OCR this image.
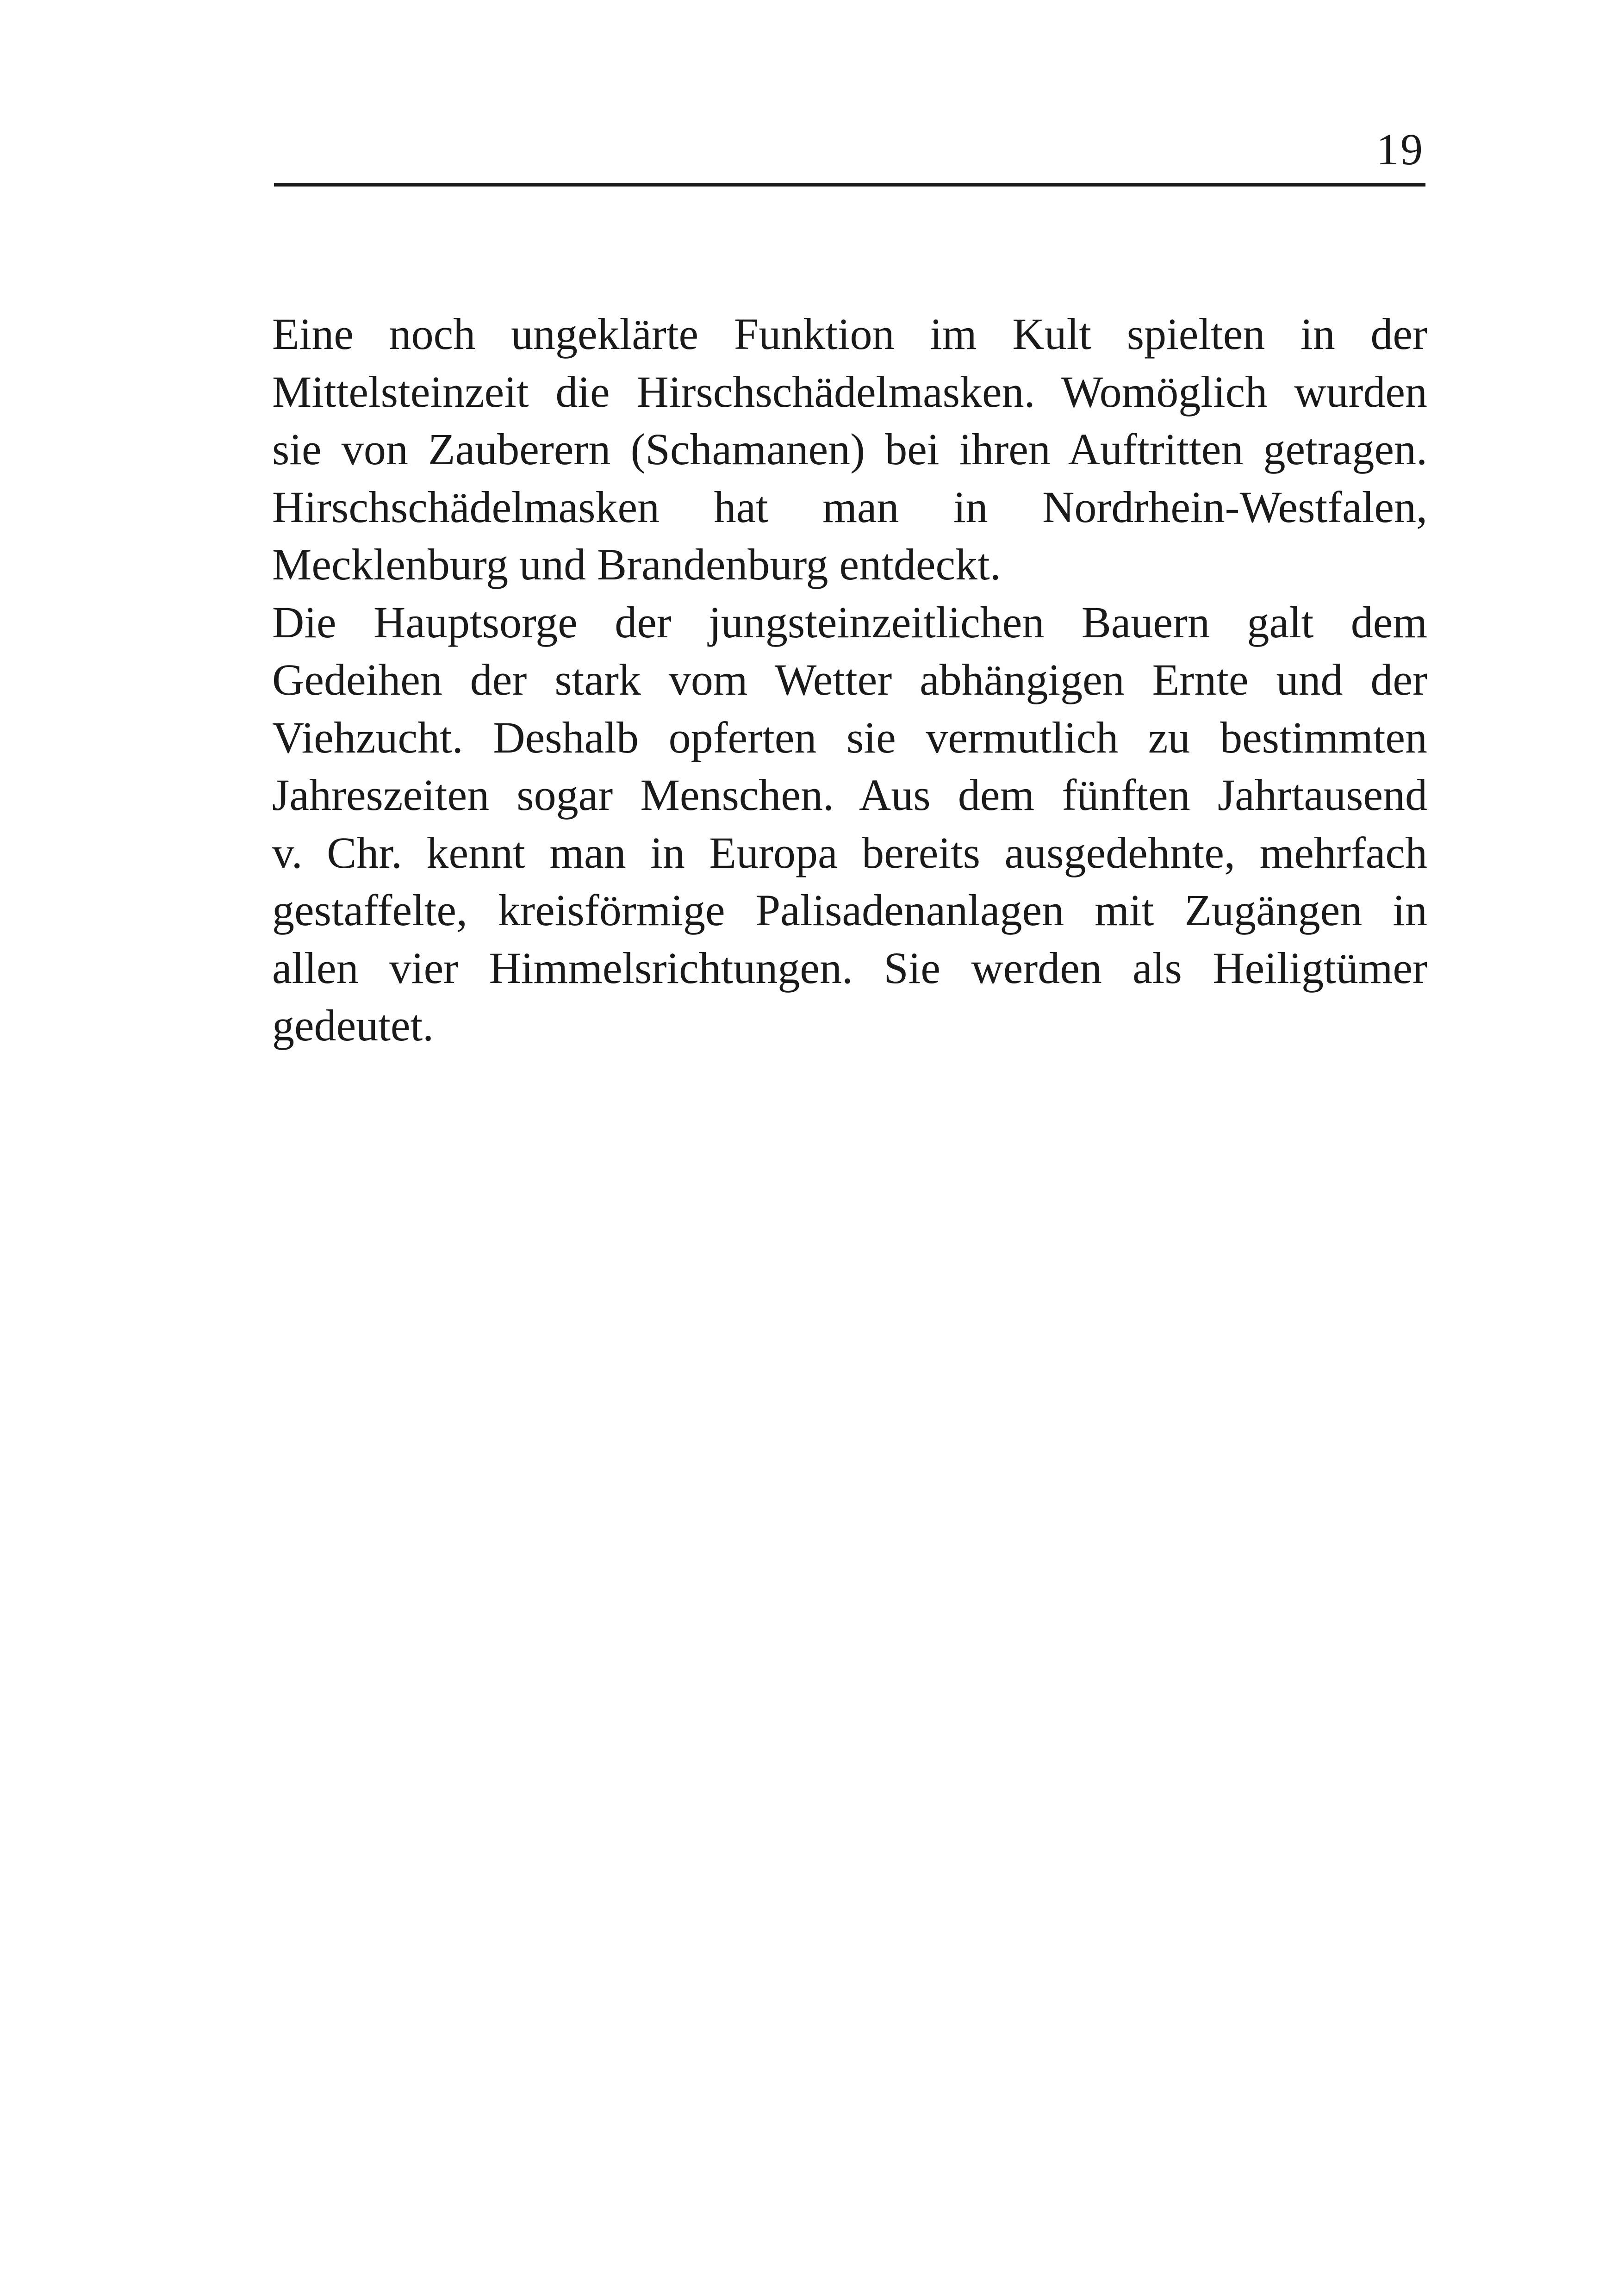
19
Eine noch ungeklärte Funktion im Kult spielten in der
Mittelsteinzeit die Hirschschädelmasken. Womöglich wurden
sie von Zauberern (Schamanen) bei ihren Auftritten getragen.
Hirschschädelmasken hat man in Nordrhein-Westfalen,
Mecklenburg und Brandenburg entdeckt.
Die Hauptsorge der jungsteinzeitlichen Bauern galt dem
Gedeihen der stark vom Wetter abhängigen Ernte und der
Viehzucht. Deshalb opferten sie vermutlich zu bestimmten
Jahreszeiten sogar Menschen. Aus dem fünften Jahrtausend
v. Chr. kennt man in Europa bereits ausgedehnte, mehrfach
gestaffelte, kreisförmige Palisadenanlagen mit Zugängen in
allen vier Himmelsrichtungen. Sie werden als Heiligtümer
gedeutet.
